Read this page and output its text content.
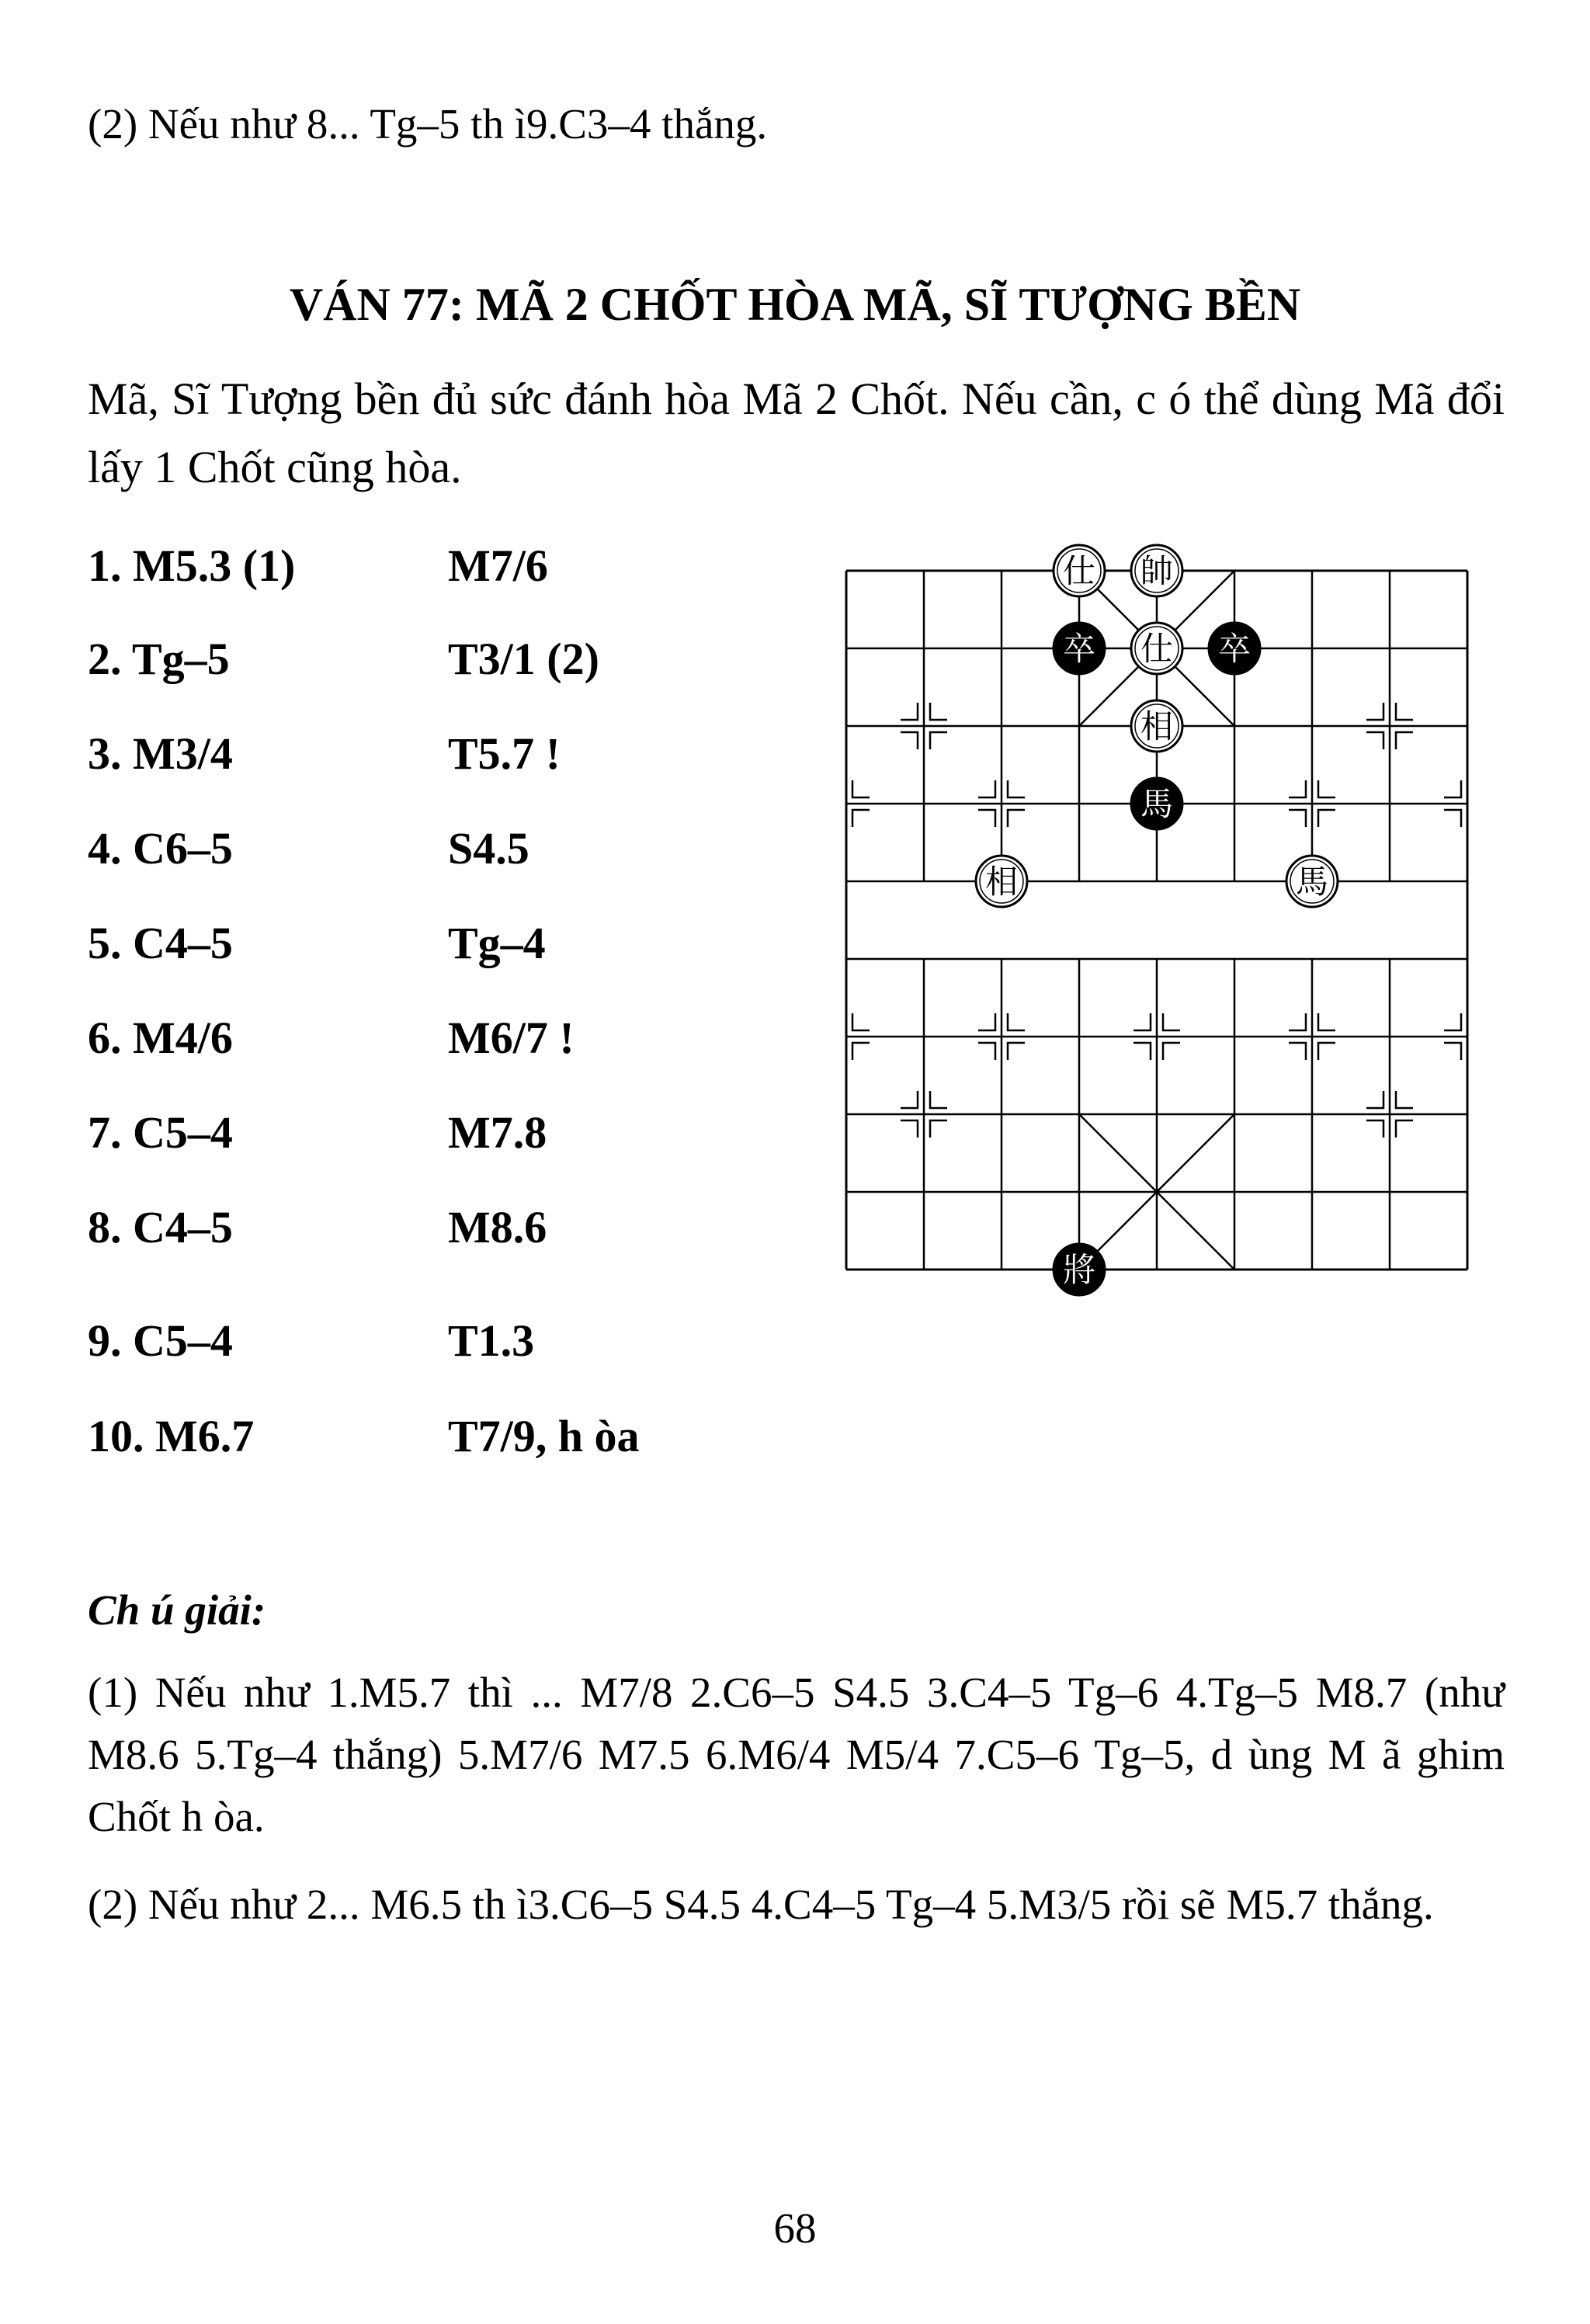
(2) Nếu như 8... Tg–5 th ì9.C3–4 thắng.
VÁN 77: MÃ 2 CHỐT HÒA MÃ, SĨ TƯỢNG BỀN
Mã, Sĩ Tượng bền đủ sức đánh hòa Mã 2 Chốt. Nếu cần, c ó thể dùng Mã đổi lấy 1 Chốt cũng hòa.
1. M5.3 (1)	M7/6
2. Tg–5	T3/1 (2)
3. M3/4	T5.7 !
4. C6–5	S4.5
5. C4–5	Tg–4
6. M4/6	M6/7 !
7. C5–4	M7.8
8. C4–5	M8.6
9. C5–4	T1.3
10. M6.7	T7/9, h òa
仕 帥
卒 仕 卒
相
馬
相	馬
將
Ch ú giải:
(1) Nếu như 1.M5.7 thì ... M7/8 2.C6–5 S4.5 3.C4–5 Tg–6 4.Tg–5 M8.7 (như M8.6 5.Tg–4 thắng) 5.M7/6 M7.5 6.M6/4 M5/4 7.C5–6 Tg–5, d ùng M ã ghim Chốt h òa.
(2) Nếu như 2... M6.5 th ì3.C6–5 S4.5 4.C4–5 Tg–4 5.M3/5 rồi sẽ M5.7 thắng.
68
